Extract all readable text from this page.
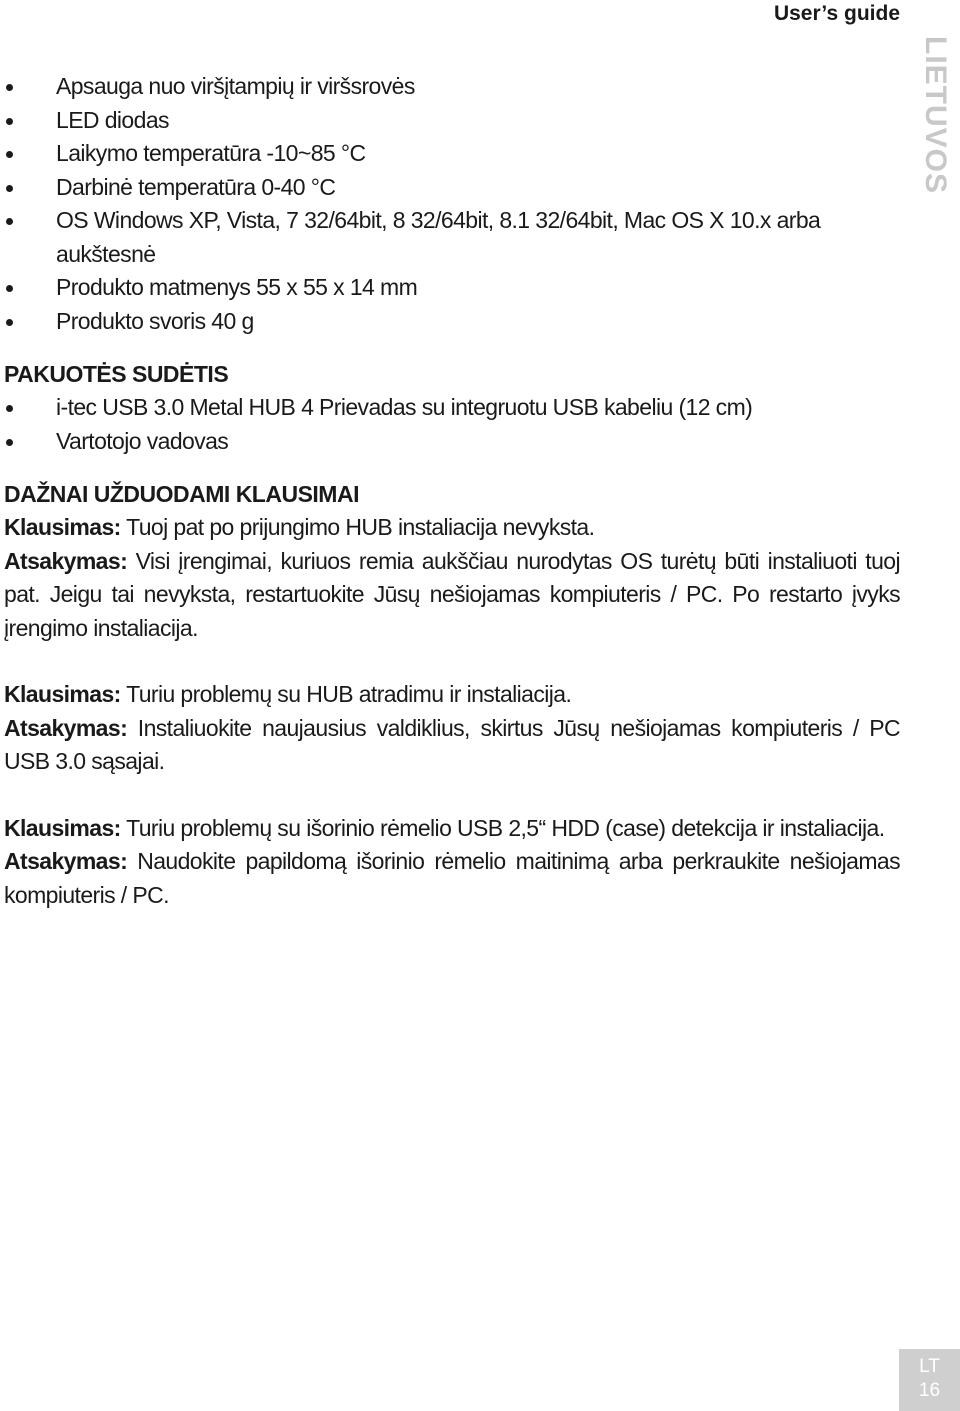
User’s guide
LIETUVOS
Apsauga nuo viršįtampių ir viršsrovės
LED diodas
Laikymo temperatūra -10~85 °C
Darbinė temperatūra 0-40 °C
OS Windows XP, Vista, 7 32/64bit, 8 32/64bit, 8.1 32/64bit, Mac OS X 10.x arba aukštesnė
Produkto matmenys 55 x 55 x 14 mm
Produkto svoris 40 g
PAKUOTĖS SUDĖTIS
i-tec USB 3.0 Metal HUB 4 Prievadas su integruotu USB kabeliu (12 cm)
Vartotojo vadovas
DAŽNAI UŽDUODAMI KLAUSIMAI

Klausimas: Tuoj pat po prijungimo HUB instaliacija nevyksta.

Atsakymas: Visi įrengimai, kuriuos remia aukščiau nurodytas OS turėtų būti instaliuoti tuoj pat. Jeigu tai nevyksta, restartuokite Jūsų nešiojamas kompiuteris / PC. Po restarto įvyks įrengimo instaliacija.

Klausimas: Turiu problemų su HUB atradimu ir instaliacija.

Atsakymas: Instaliuokite naujausius valdiklius, skirtus Jūsų nešiojamas kompiuteris / PC USB 3.0 sąsajai.

Klausimas: Turiu problemų su išorinio rėmelio USB 2,5“ HDD (case) detekcija ir instaliacija.

Atsakymas: Naudokite papildomą išorinio rėmelio maitinimą arba perkraukite nešiojamas kompiuteris / PC.

LT
16
